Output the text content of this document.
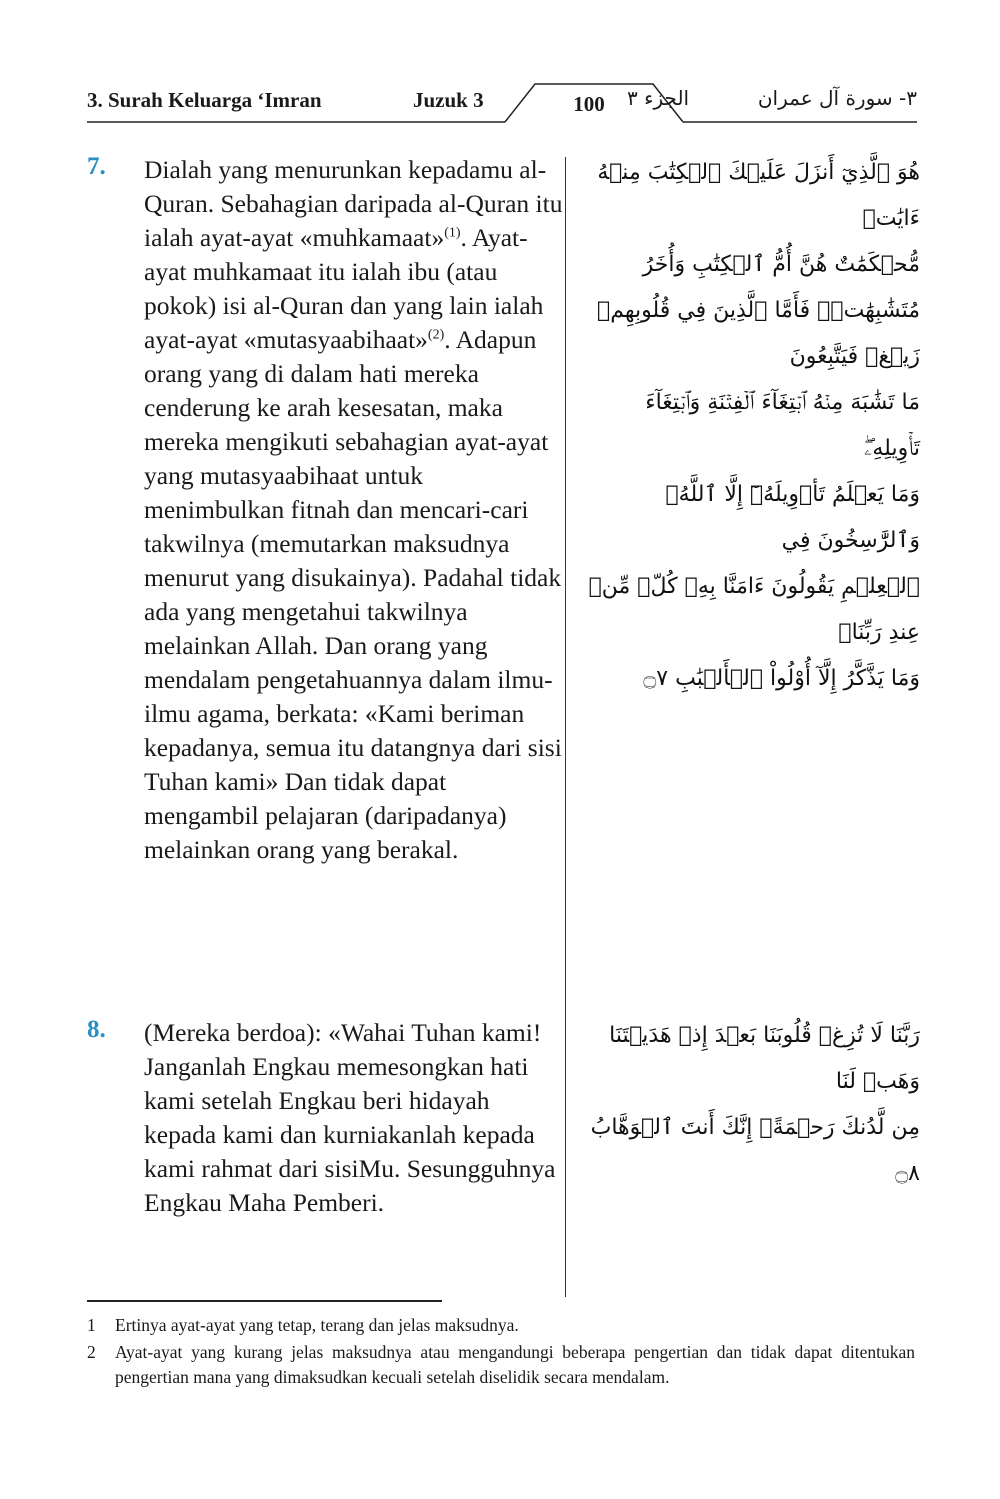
3. Surah Keluarga ‘Imran	Juzuk 3	100	الجزء ٣	٣- سورة آل عمران
7. Dialah yang menurunkan kepadamu al-Quran. Sebahagian daripada al-Quran itu ialah ayat-ayat «muhkamaat»$^{(1)}$. Ayat-ayat muhkamaat itu ialah ibu (atau pokok) isi al-Quran dan yang lain ialah ayat-ayat «mutasyaabihaat»$^{(2)}$. Adapun orang yang di dalam hati mereka cenderung ke arah kesesatan, maka mereka mengikuti sebahagian ayat-ayat yang mutasyaabihaat untuk menimbulkan fitnah dan mencari-cari takwilnya (memutarkan maksudnya menurut yang disukainya). Padahal tidak ada yang mengetahui takwilnya melainkan Allah. Dan orang yang mendalam pengetahuannya dalam ilmu-ilmu agama, berkata: «Kami beriman kepadanya, semua itu datangnya dari sisi Tuhan kami» Dan tidak dapat mengambil pelajaran (daripadanya) melainkan orang yang berakal.
هُوَ ٱلَّذِيٓ أَنزَلَ عَلَيۡكَ ٱلۡكِتَٰبَ مِنۡهُ ءَايَٰتٞ
مُّحۡكَمَٰتٌ هُنَّ أُمُّ ٱلۡكِتَٰبِ وَأُخَرُ
مُتَشَٰبِهَٰتٞۖ فَأَمَّا ٱلَّذِينَ فِي قُلُوبِهِمۡ زَيۡغٞ فَيَتَّبِعُونَ
مَا تَشَٰبَهَ مِنۡهُ ٱبۡتِغَآءَ ٱلۡفِتۡنَةِ وَٱبۡتِغَآءَ تَأۡوِيلِهِۦۖ
وَمَا يَعۡلَمُ تَأۡوِيلَهُۥٓ إِلَّا ٱللَّهُۗ وَٱلرَّٰسِخُونَ فِي
ٱلۡعِلۡمِ يَقُولُونَ ءَامَنَّا بِهِۦ كُلّٞ مِّنۡ عِندِ رَبِّنَاۗ
وَمَا يَذَّكَّرُ إِلَّآ أُوْلُواْ ٱلۡأَلۡبَٰبِ ۝٧
8. (Mereka berdoa): «Wahai Tuhan kami! Janganlah Engkau memesongkan hati kami setelah Engkau beri hidayah kepada kami dan kurniakanlah kepada kami rahmat dari sisiMu. Sesungguhnya Engkau Maha Pemberi.
رَبَّنَا لَا تُزِغۡ قُلُوبَنَا بَعۡدَ إِذۡ هَدَيۡتَنَا وَهَبۡ لَنَا
مِن لَّدُنكَ رَحۡمَةًۚ إِنَّكَ أَنتَ ٱلۡوَهَّابُ ۝٨
1 Ertinya ayat-ayat yang tetap, terang dan jelas maksudnya.
2 Ayat-ayat yang kurang jelas maksudnya atau mengandungi beberapa pengertian dan tidak dapat ditentukan pengertian mana yang dimaksudkan kecuali setelah diselidik secara mendalam.
